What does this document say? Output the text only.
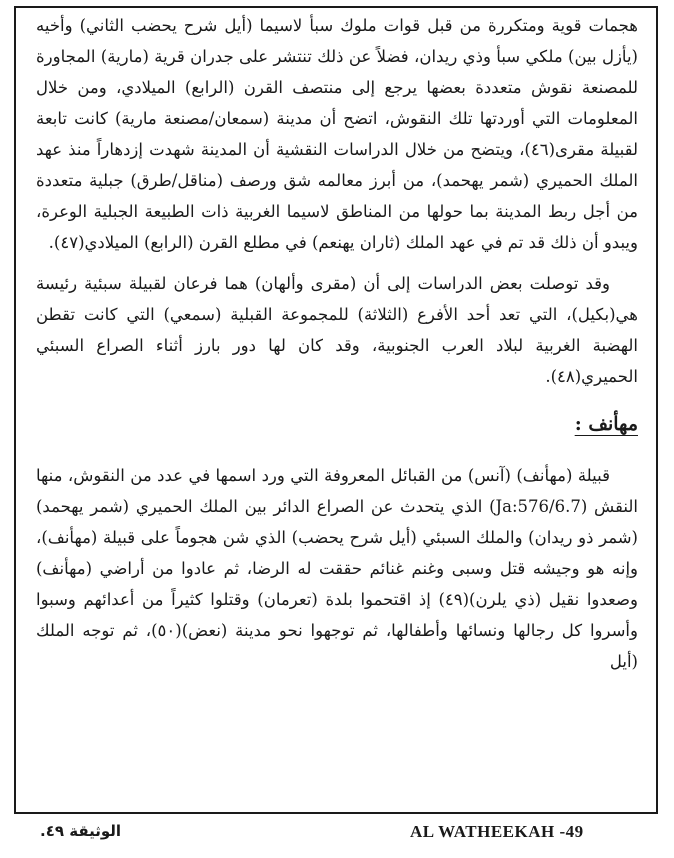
هجمات قوية ومتكررة من قبل قوات ملوك سبأ لاسيما (أيل شرح يحضب الثاني) وأخيه (يأزل بين) ملكي سبأ وذي ريدان، فضلاً عن ذلك تنتشر على جدران قرية (مارية) المجاورة للمصنعة نقوش متعددة بعضها يرجع إلى منتصف القرن (الرابع) الميلادي، ومن خلال المعلومات التي أوردتها تلك النقوش، اتضح أن مدينة (سمعان/مصنعة مارية) كانت تابعة لقبيلة مقرى(٤٦)، ويتضح من خلال الدراسات النقشية أن المدينة شهدت إزدهاراً منذ عهد الملك الحميري (شمر يهحمد)، من أبرز معالمه شق ورصف (مناقل/طرق) جبلية متعددة من أجل ربط المدينة بما حولها من المناطق لاسيما الغربية ذات الطبيعة الجبلية الوعرة، ويبدو أن ذلك قد تم في عهد الملك (ثاران يهنعم) في مطلع القرن (الرابع) الميلادي(٤٧).

وقد توصلت بعض الدراسات إلى أن (مقرى وألهان) هما فرعان لقبيلة سبئية رئيسة هي(بكيل)، التي تعد أحد الأفرع (الثلاثة) للمجموعة القبلية (سمعي) التي كانت تقطن الهضبة الغربية لبلاد العرب الجنوبية، وقد كان لها دور بارز أثناء الصراع السبئي الحميري(٤٨).

مهأنف :

قبيلة (مهأنف) (آنس) من القبائل المعروفة التي ورد اسمها في عدد من النقوش، منها النقش (Ja:576/6.7) الذي يتحدث عن الصراع الدائر بين الملك الحميري (شمر يهحمد) (شمر ذو ريدان) والملك السبئي (أيل شرح يحضب) الذي شن هجوماً على قبيلة (مهأنف)، وإنه هو وجيشه قتل وسبى وغنم غنائم حققت له الرضا، ثم عادوا من أراضي (مهأنف) وصعدوا نقيل (ذي يلرن)(٤٩) إذ اقتحموا بلدة (تعرمان) وقتلوا كثيراً من أعدائهم وسبوا وأسروا كل رجالها ونسائها وأطفالها، ثم توجهوا نحو مدينة (نعض)(٥٠)، ثم توجه الملك (أيل

AL WATHEEKAH -49
الوثيقة ٤٩.
